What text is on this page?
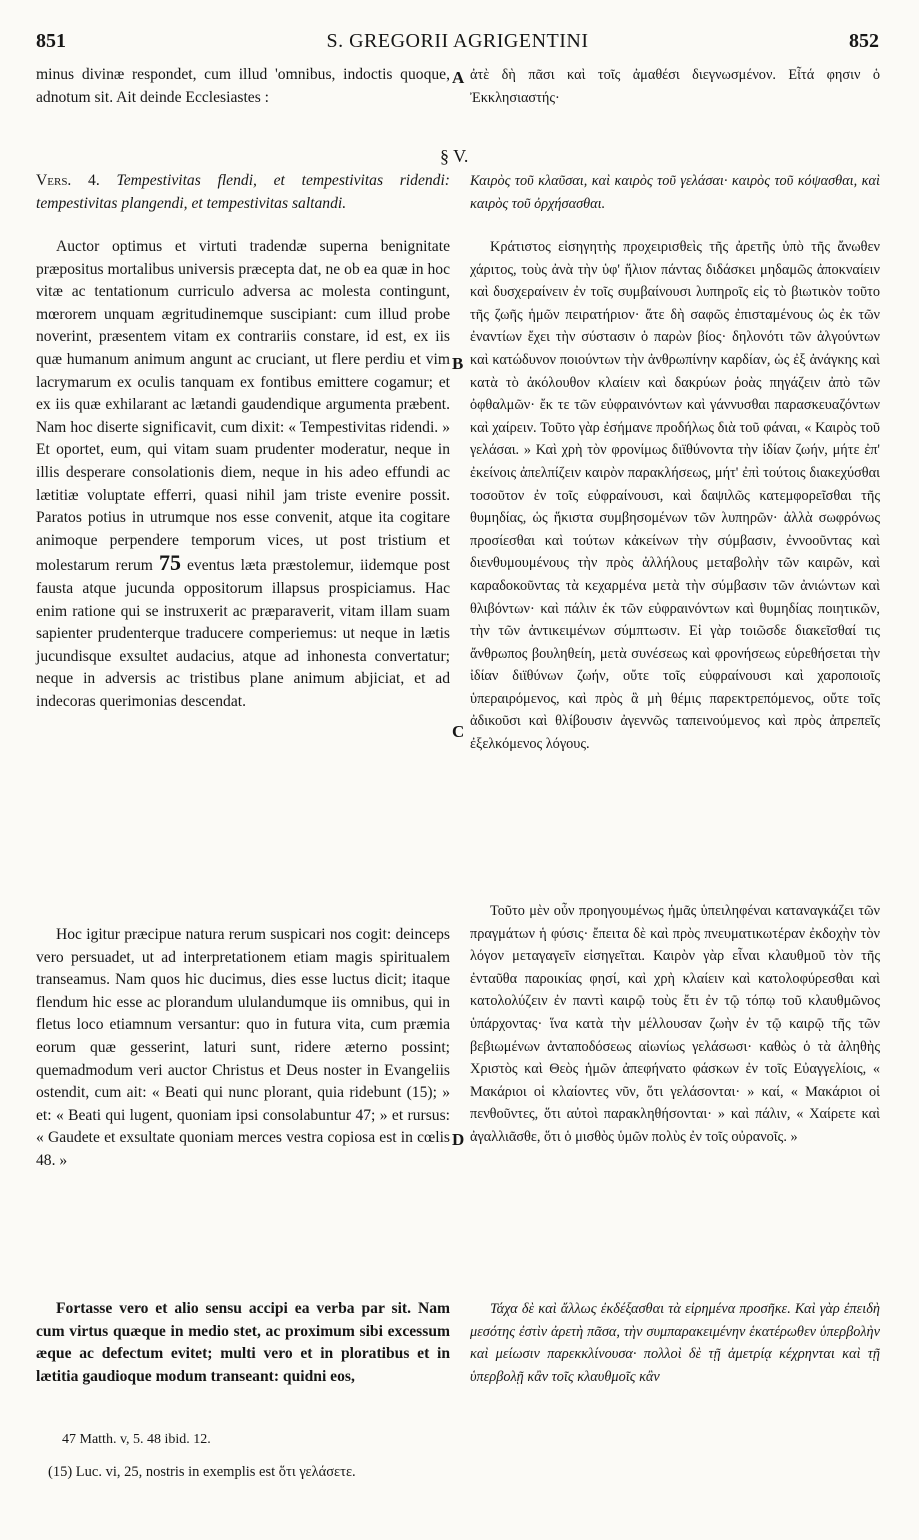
851	S. GREGORII AGRIGENTINI	852
A
B
C
D

minus divinæ respondet, cum illud 'omnibus, indoctis quoque, adnotum sit. Ait deinde Ecclesiastes :

ἀτὲ δὴ πᾶσι καὶ τοῖς ἀμαθέσι διεγνωσμένον. Εἶτά φησιν ὁ Ἐκκλησιαστής·

§ V.

Vers. 4. Tempestivitas flendi, et tempestivitas ridendi: tempestivitas plangendi, et tempestivitas saltandi.

Καιρὸς τοῦ κλαῦσαι, καὶ καιρὸς τοῦ γελάσαι· καιρὸς τοῦ κόψασθαι, καὶ καιρὸς τοῦ ὀρχήσασθαι.

Auctor optimus et virtuti tradendæ superna benignitate præpositus mortalibus universis præcepta dat, ne ob ea quæ in hoc vitæ ac tentationum curriculo adversa ac molesta contingunt, mœrorem unquam ægritudinemque suscipiant: cum illud probe noverint, præsentem vitam ex contrariis constare, id est, ex iis quæ humanum animum angunt ac cruciant, ut flere perdiu et vim lacrymarum ex oculis tanquam ex fontibus emittere cogamur; et ex iis quæ exhilarant ac lætandi gaudendique argumenta præbent. Nam hoc diserte significavit, cum dixit: « Tempestivitas ridendi. » Et oportet, eum, qui vitam suam prudenter moderatur, neque in illis desperare consolationis diem, neque in his adeo effundi ac lætitiæ voluptate efferri, quasi nihil jam triste evenire possit. Paratos potius in utrumque nos esse convenit, atque ita cogitare animoque perpendere temporum vices, ut post tristium et molestarum rerum 75 eventus læta præstolemur, iidemque post fausta atque jucunda oppositorum illapsus prospiciamus. Hac enim ratione qui se instruxerit ac præparaverit, vitam illam suam sapienter prudenterque traducere comperiemus: ut neque in lætis jucundisque exsultet audacius, atque ad inhonesta convertatur; neque in adversis ac tristibus plane animum abjiciat, et ad indecoras querimonias descendat.

Κράτιστος εἰσηγητὴς προχειρισθεὶς τῆς ἀρετῆς ὑπὸ τῆς ἄνωθεν χάριτος, τοὺς ἀνὰ τὴν ὑφ' ἥλιον πάντας διδάσκει μηδαμῶς ἀποκναίειν καὶ δυσχεραίνειν ἐν τοῖς συμβαίνουσι λυπηροῖς εἰς τὸ βιωτικὸν τοῦτο τῆς ζωῆς ἡμῶν πειρατήριον· ἅτε δὴ σαφῶς ἐπισταμένους ὡς ἐκ τῶν ἐναντίων ἔχει τὴν σύστασιν ὁ παρὼν βίος· δηλονότι τῶν ἀλγούντων καὶ κατώδυνον ποιούντων τὴν ἀνθρωπίνην καρδίαν, ὡς ἐξ ἀνάγκης καὶ κατὰ τὸ ἀκόλουθον κλαίειν καὶ δακρύων ῥοὰς πηγάζειν ἀπὸ τῶν ὀφθαλμῶν· ἔκ τε τῶν εὐφραινόντων καὶ γάννυσθαι παρασκευαζόντων καὶ χαίρειν. Τοῦτο γὰρ ἐσήμανε προδήλως διὰ τοῦ φάναι, « Καιρὸς τοῦ γελάσαι. » Καὶ χρὴ τὸν φρονίμως διϊθύνοντα τὴν ἰδίαν ζωήν, μήτε ἐπ' ἐκείνοις ἀπελπίζειν καιρὸν παρακλήσεως, μήτ' ἐπὶ τούτοις διακεχύσθαι τοσοῦτον ἐν τοῖς εὐφραίνουσι, καὶ δαψιλῶς κατεμφορεῖσθαι τῆς θυμηδίας, ὡς ἥκιστα συμβησομένων τῶν λυπηρῶν· ἀλλὰ σωφρόνως προσίεσθαι καὶ τούτων κἀκείνων τὴν σύμβασιν, ἐννοοῦντας καὶ διενθυμουμένους τὴν πρὸς ἀλλήλους μεταβολὴν τῶν καιρῶν, καὶ καραδοκοῦντας τὰ κεχαρμένα μετὰ τὴν σύμβασιν τῶν ἀνιώντων καὶ θλιβόντων· καὶ πάλιν ἐκ τῶν εὐφραινόντων καὶ θυμηδίας ποιητικῶν, τὴν τῶν ἀντικειμένων σύμπτωσιν. Εἰ γὰρ τοιῶσδε διακεῖσθαί τις ἄνθρωπος βουληθείη, μετὰ συνέσεως καὶ φρονήσεως εὑρεθήσεται τὴν ἰδίαν διϊθύνων ζωήν, οὔτε τοῖς εὐφραίνουσι καὶ χαροποιοῖς ὑπεραιρόμενος, καὶ πρὸς ἃ μὴ θέμις παρεκτρεπόμενος, οὔτε τοῖς ἀδικοῦσι καὶ θλίβουσιν ἀγεννῶς ταπεινούμενος καὶ πρὸς ἀπρεπεῖς ἐξελκόμενος λόγους.

Hoc igitur præcipue natura rerum suspicari nos cogit: deinceps vero persuadet, ut ad interpretationem etiam magis spiritualem transeamus. Nam quos hic ducimus, dies esse luctus dicit; itaque flendum hic esse ac plorandum ululandumque iis omnibus, qui in fletus loco etiamnum versantur: quo in futura vita, cum præmia eorum quæ gesserint, laturi sunt, ridere æterno possint; quemadmodum veri auctor Christus et Deus noster in Evangeliis ostendit, cum ait: « Beati qui nunc plorant, quia ridebunt (15); » et: « Beati qui lugent, quoniam ipsi consolabuntur 47; » et rursus: « Gaudete et exsultate quoniam merces vestra copiosa est in cœlis 48. »

Τοῦτο μὲν οὖν προηγουμένως ἡμᾶς ὑπειληφέναι καταναγκάζει τῶν πραγμάτων ἡ φύσις· ἔπειτα δὲ καὶ πρὸς πνευματικωτέραν ἐκδοχὴν τὸν λόγον μεταγαγεῖν εἰσηγεῖται. Καιρὸν γὰρ εἶναι κλαυθμοῦ τὸν τῆς ἐνταῦθα παροικίας φησί, καὶ χρὴ κλαίειν καὶ κατολοφύρεσθαι καὶ κατολολύζειν ἐν παντὶ καιρῷ τοὺς ἔτι ἐν τῷ τόπῳ τοῦ κλαυθμῶνος ὑπάρχοντας· ἵνα κατὰ τὴν μέλλουσαν ζωὴν ἐν τῷ καιρῷ τῆς τῶν βεβιωμένων ἀνταποδόσεως αἰωνίως γελάσωσι· καθὼς ὁ τὰ ἀληθὴς Χριστὸς καὶ Θεὸς ἡμῶν ἀπεφήνατο φάσκων ἐν τοῖς Εὐαγγελίοις, « Μακάριοι οἱ κλαίοντες νῦν, ὅτι γελάσονται· » καί, « Μακάριοι οἱ πενθοῦντες, ὅτι αὐτοὶ παρακληθήσονται· » καὶ πάλιν, « Χαίρετε καὶ ἀγαλλιᾶσθε, ὅτι ὁ μισθὸς ὑμῶν πολὺς ἐν τοῖς οὐρανοῖς. »

Fortasse vero et alio sensu accipi ea verba par sit. Nam cum virtus quæque in medio stet, ac proximum sibi excessum æque ac defectum evitet; multi vero et in ploratibus et in lætitia gaudioque modum transeant: quidni eos,

Τάχα δὲ καὶ ἄλλως ἐκδέξασθαι τὰ εἰρημένα προσῆκε. Καὶ γὰρ ἐπειδὴ μεσότης ἐστὶν ἀρετὴ πᾶσα, τὴν συμπαρακειμένην ἑκατέρωθεν ὑπερβολὴν καὶ μείωσιν παρεκκλίνουσα· πολλοὶ δὲ τῇ ἀμετρίᾳ κέχρηνται καὶ τῇ ὑπερβολῇ κἂν τοῖς κλαυθμοῖς κἂν

47 Matth. v, 5. 48 ibid. 12.
(15) Luc. vi, 25, nostris in exemplis est ὅτι γελάσετε.
